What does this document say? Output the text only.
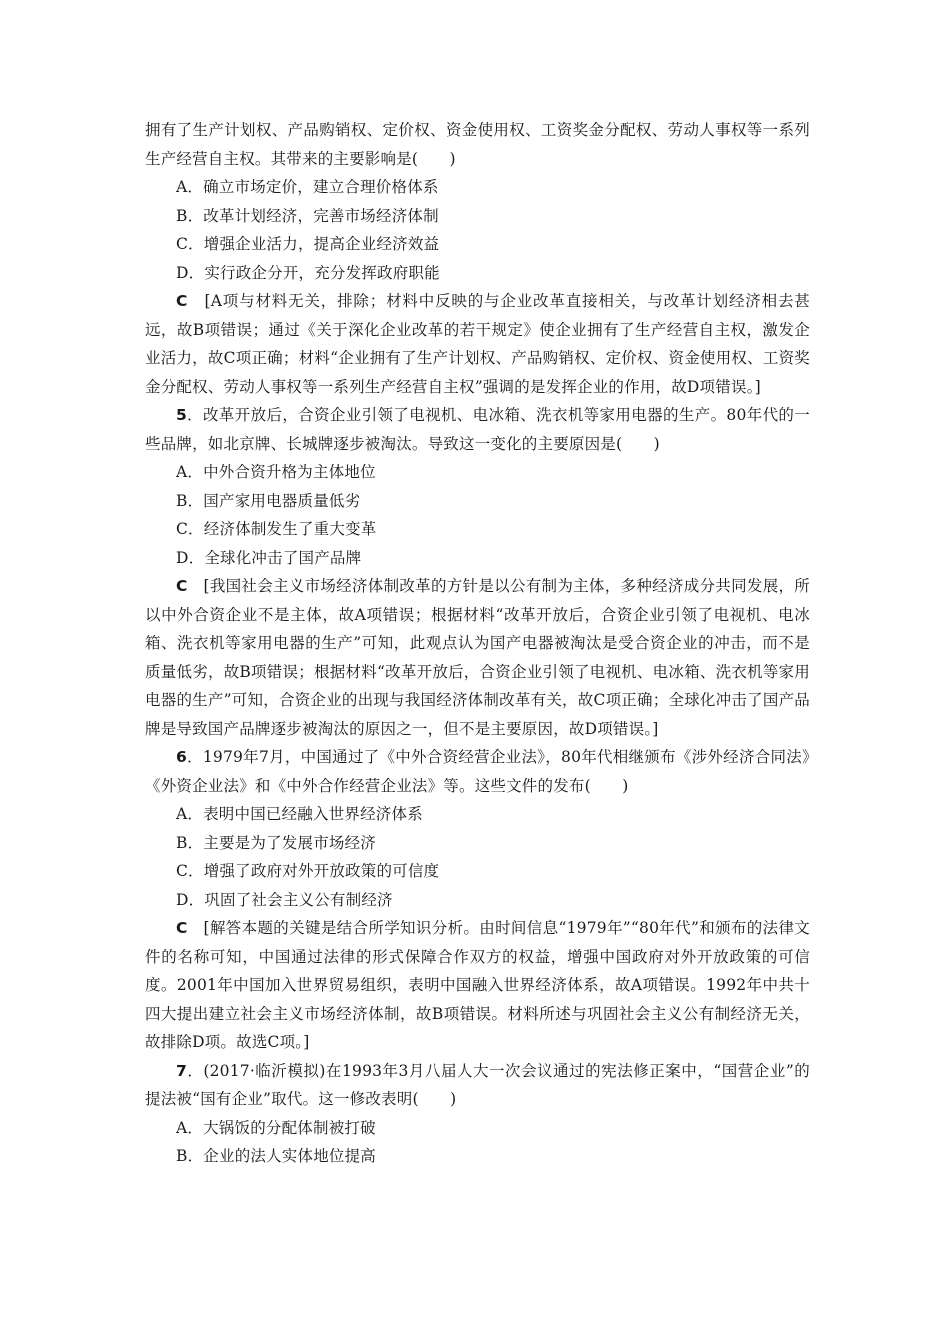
拥有了生产计划权、产品购销权、定价权、资金使用权、工资奖金分配权、劳动人事权等一系列生产经营自主权。其带来的主要影响是(　　)

A．确立市场定价，建立合理价格体系

B．改革计划经济，完善市场经济体制

C．增强企业活力，提高企业经济效益

D．实行政企分开，充分发挥政府职能

C　[A项与材料无关，排除；材料中反映的与企业改革直接相关，与改革计划经济相去甚远，故B项错误；通过《关于深化企业改革的若干规定》使企业拥有了生产经营自主权，激发企业活力，故C项正确；材料“企业拥有了生产计划权、产品购销权、定价权、资金使用权、工资奖金分配权、劳动人事权等一系列生产经营自主权”强调的是发挥企业的作用，故D项错误。]

5．改革开放后，合资企业引领了电视机、电冰箱、洗衣机等家用电器的生产。80年代的一些品牌，如北京牌、长城牌逐步被淘汰。导致这一变化的主要原因是(　　)

A．中外合资升格为主体地位

B．国产家用电器质量低劣

C．经济体制发生了重大变革

D．全球化冲击了国产品牌

C　[我国社会主义市场经济体制改革的方针是以公有制为主体，多种经济成分共同发展，所以中外合资企业不是主体，故A项错误；根据材料“改革开放后，合资企业引领了电视机、电冰箱、洗衣机等家用电器的生产”可知，此观点认为国产电器被淘汰是受合资企业的冲击，而不是质量低劣，故B项错误；根据材料“改革开放后，合资企业引领了电视机、电冰箱、洗衣机等家用电器的生产”可知，合资企业的出现与我国经济体制改革有关，故C项正确；全球化冲击了国产品牌是导致国产品牌逐步被淘汰的原因之一，但不是主要原因，故D项错误。]

6．1979年7月，中国通过了《中外合资经营企业法》，80年代相继颁布《涉外经济合同法》《外资企业法》和《中外合作经营企业法》等。这些文件的发布(　　)

A．表明中国已经融入世界经济体系

B．主要是为了发展市场经济

C．增强了政府对外开放政策的可信度

D．巩固了社会主义公有制经济

C　[解答本题的关键是结合所学知识分析。由时间信息“1979年”“80年代”和颁布的法律文件的名称可知，中国通过法律的形式保障合作双方的权益，增强中国政府对外开放政策的可信度。2001年中国加入世界贸易组织，表明中国融入世界经济体系，故A项错误。1992年中共十四大提出建立社会主义市场经济体制，故B项错误。材料所述与巩固社会主义公有制经济无关，故排除D项。故选C项。]

7．(2017·临沂模拟)在1993年3月八届人大一次会议通过的宪法修正案中，“国营企业”的提法被“国有企业”取代。这一修改表明(　　)

A．大锅饭的分配体制被打破

B．企业的法人实体地位提高
